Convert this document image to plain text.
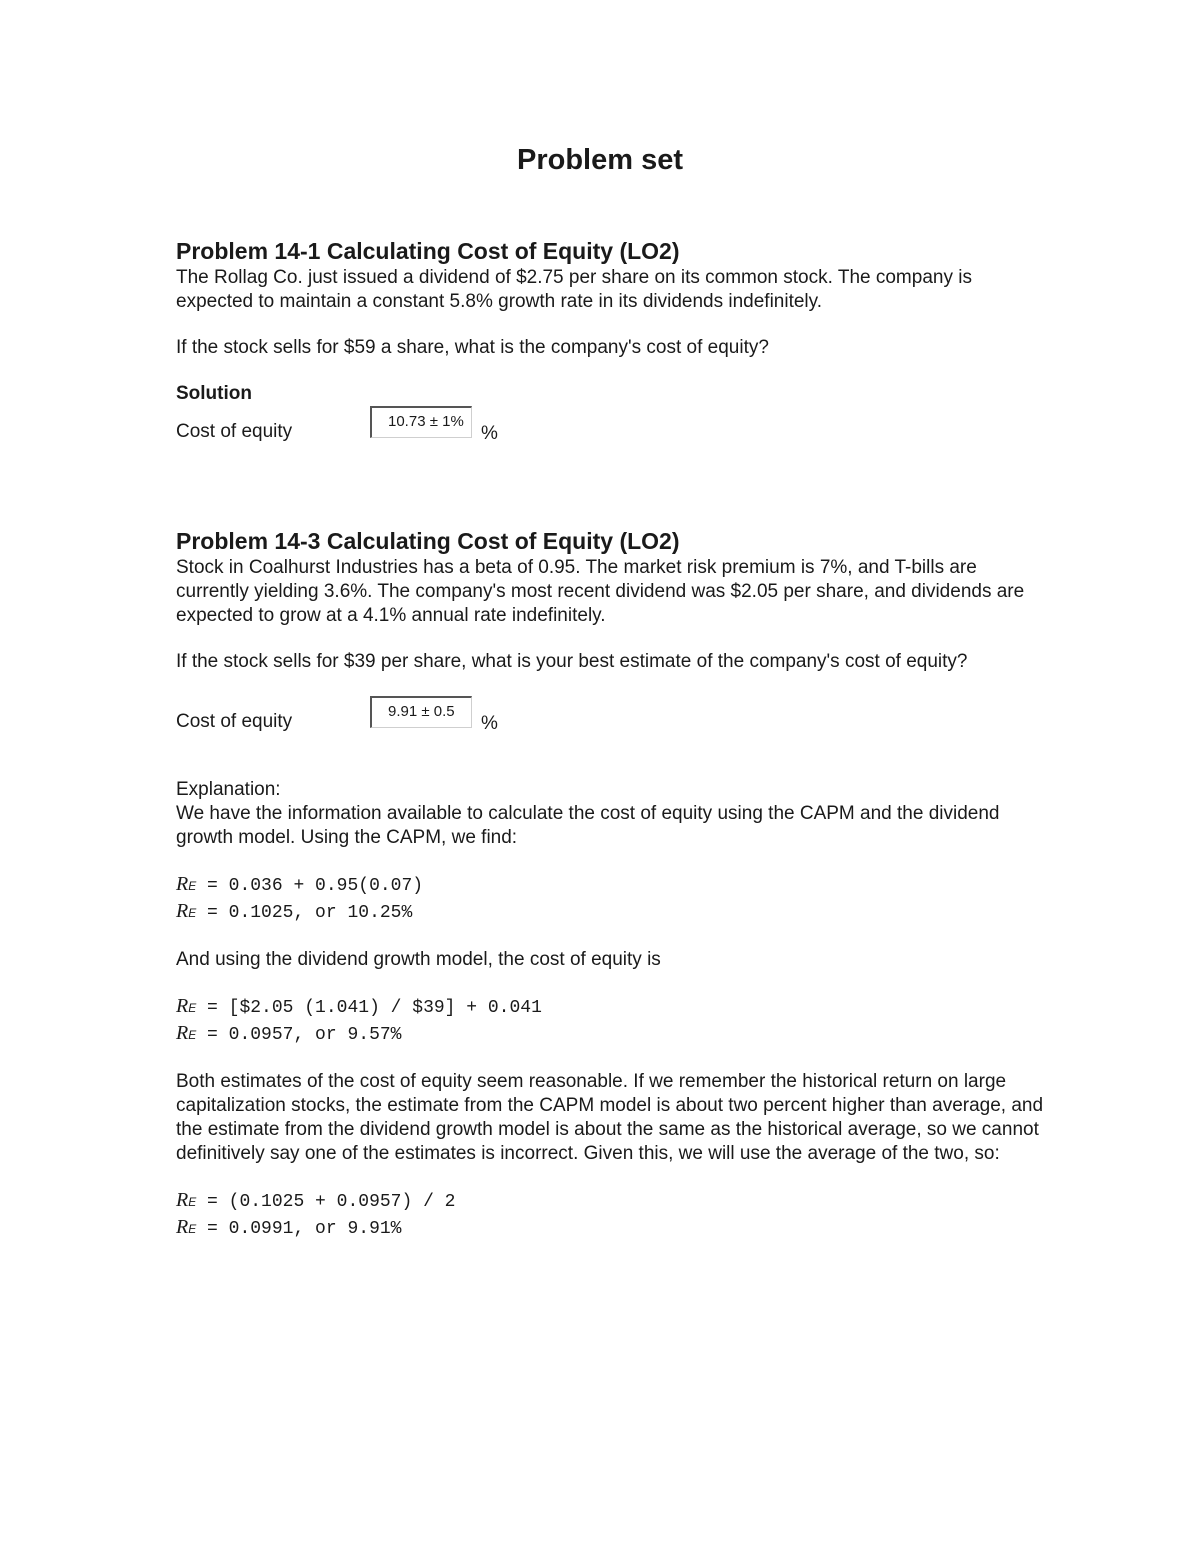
Problem set
Problem 14-1 Calculating Cost of Equity (LO2)

The Rollag Co. just issued a dividend of $2.75 per share on its common stock. The company is expected to maintain a constant 5.8% growth rate in its dividends indefinitely.

If the stock sells for $59 a share, what is the company's cost of equity?

Solution

Cost of equity	10.73 ± 1%
%
Problem 14-3 Calculating Cost of Equity (LO2)

Stock in Coalhurst Industries has a beta of 0.95. The market risk premium is 7%, and T-bills are currently yielding 3.6%. The company's most recent dividend was $2.05 per share, and dividends are expected to grow at a 4.1% annual rate indefinitely.

If the stock sells for $39 per share, what is your best estimate of the company's cost of equity?

Cost of equity	9.91 ± 0.5
%

Explanation:

We have the information available to calculate the cost of equity using the CAPM and the dividend growth model. Using the CAPM, we find:

RE = 0.036 + 0.95(0.07)
RE = 0.1025, or 10.25%

And using the dividend growth model, the cost of equity is

RE = [$2.05 (1.041) / $39] + 0.041
RE = 0.0957, or 9.57%

Both estimates of the cost of equity seem reasonable. If we remember the historical return on large capitalization stocks, the estimate from the CAPM model is about two percent higher than average, and the estimate from the dividend growth model is about the same as the historical average, so we cannot definitively say one of the estimates is incorrect. Given this, we will use the average of the two, so:

RE = (0.1025 + 0.0957) / 2
RE = 0.0991, or 9.91%
